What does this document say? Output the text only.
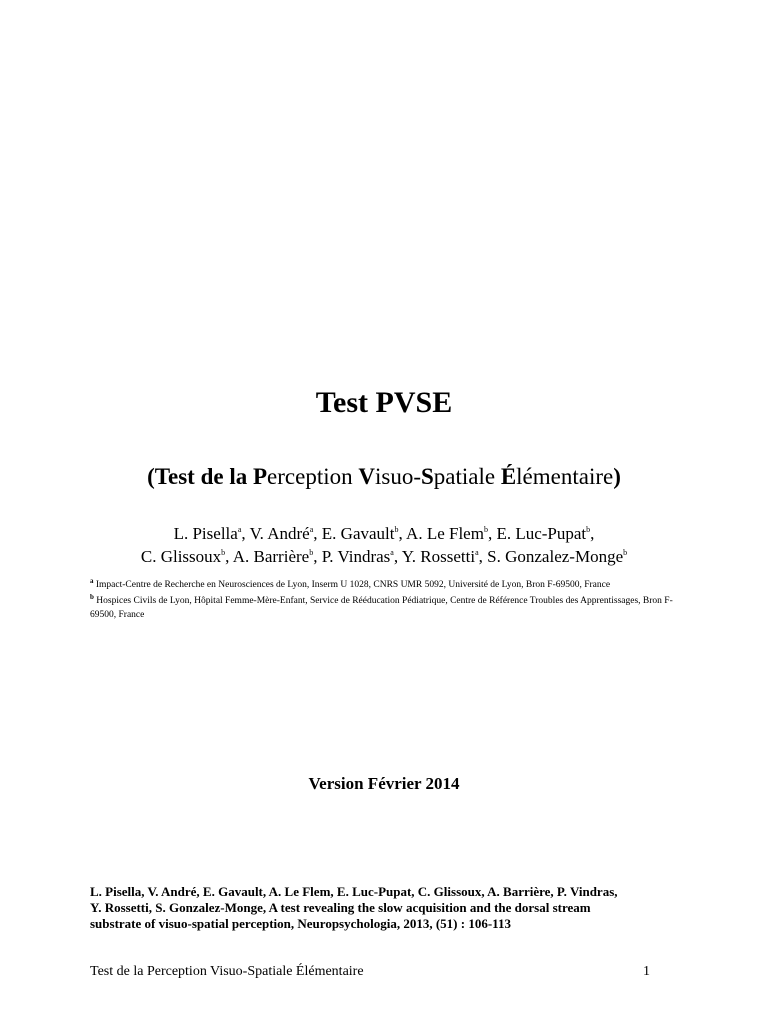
Test PVSE
(Test de la Perception Visuo-Spatiale Élémentaire)
L. Pisella$^a$, V. André$^a$, E. Gavault$^b$, A. Le Flem$^b$, E. Luc-Pupat$^b$,
C. Glissoux$^b$, A. Barrière$^b$, P. Vindras$^a$, Y. Rossetti$^a$, S. Gonzalez-Monge$^b$
$^a$ Impact-Centre de Recherche en Neurosciences de Lyon, Inserm U 1028, CNRS UMR 5092, Université de Lyon, Bron F-69500, France
$^b$ Hospices Civils de Lyon, Hôpital Femme-Mère-Enfant, Service de Rééducation Pédiatrique, Centre de Référence Troubles des Apprentissages, Bron F-69500, France
Version Février 2014
L. Pisella, V. André, E. Gavault, A. Le Flem, E. Luc-Pupat, C. Glissoux, A. Barrière, P. Vindras,
Y. Rossetti, S. Gonzalez-Monge, A test revealing the slow acquisition and the dorsal stream
substrate of visuo-spatial perception, Neuropsychologia, 2013, (51) : 106-113
Test de la Perception Visuo-Spatiale Élémentaire	1
